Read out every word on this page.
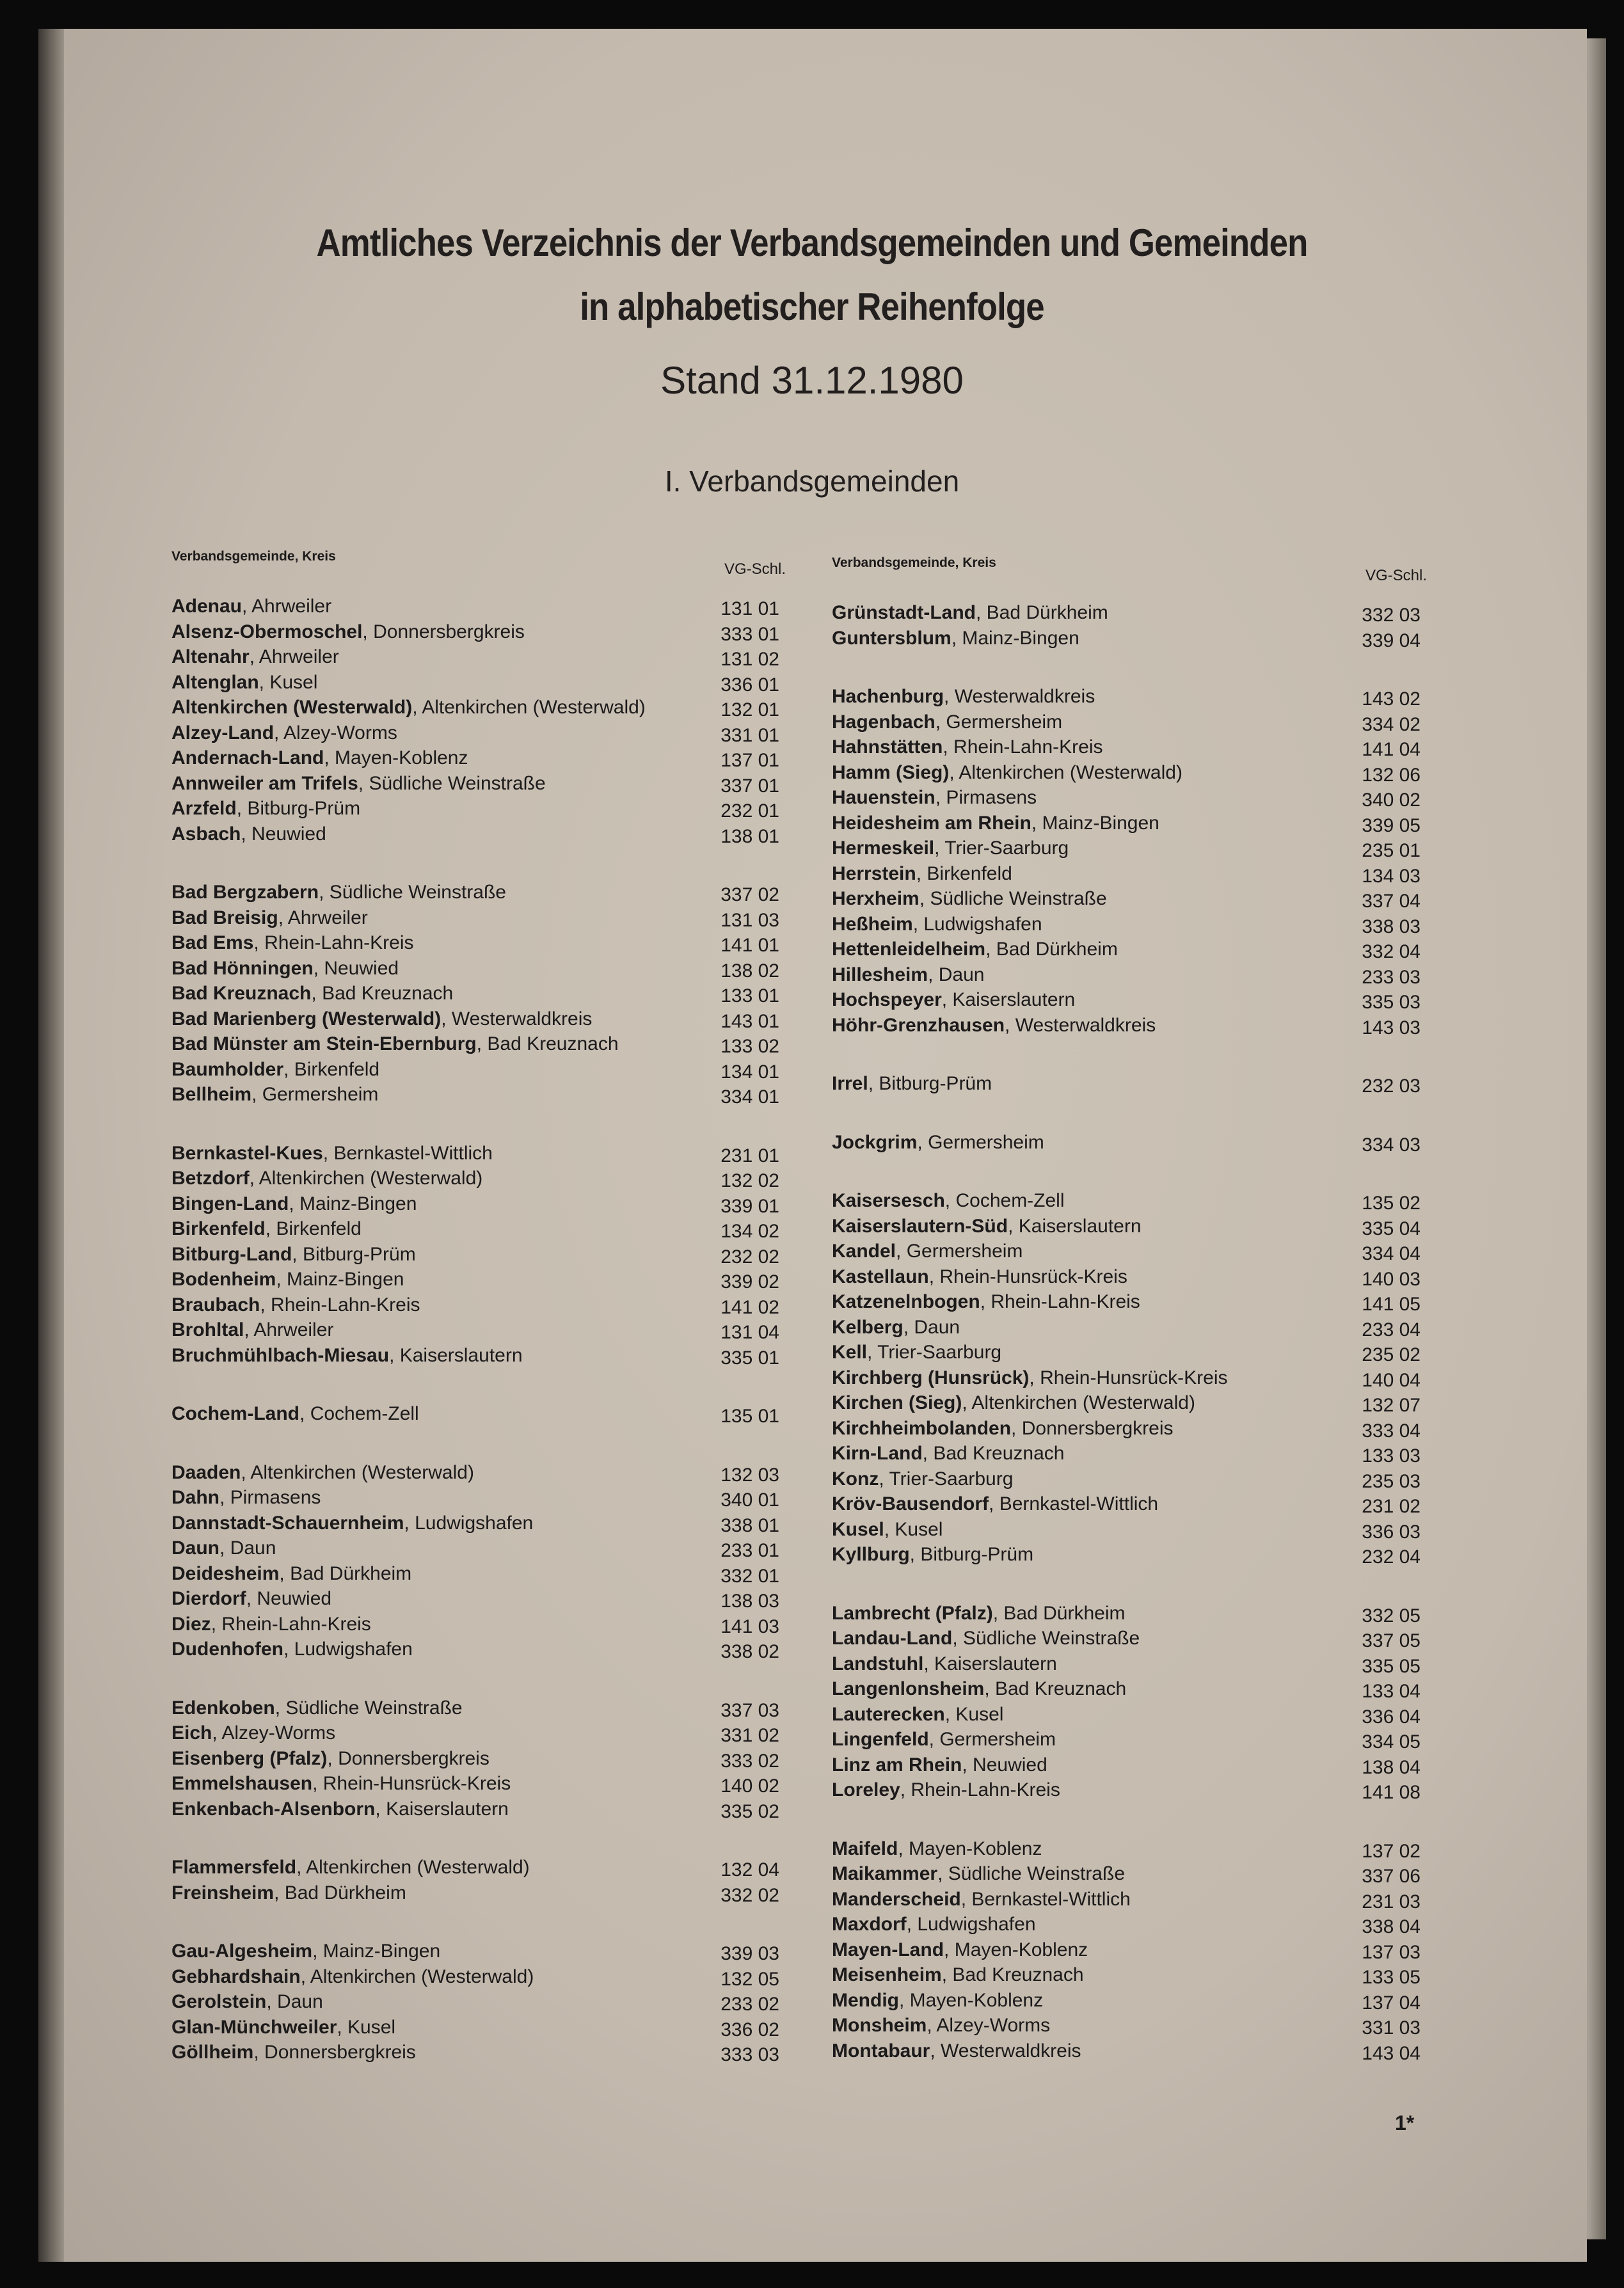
Amtliches Verzeichnis der Verbandsgemeinden und Gemeinden
in alphabetischer Reihenfolge
Stand 31.12.1980
I. Verbandsgemeinden
Verbandsgemeinde, Kreis
VG-Schl.
Adenau, Ahrweiler	131 01
Alsenz-Obermoschel, Donnersbergkreis	333 01
Altenahr, Ahrweiler	131 02
Altenglan, Kusel	336 01
Altenkirchen (Westerwald), Altenkirchen (Westerwald)	132 01
Alzey-Land, Alzey-Worms	331 01
Andernach-Land, Mayen-Koblenz	137 01
Annweiler am Trifels, Südliche Weinstraße	337 01
Arzfeld, Bitburg-Prüm	232 01
Asbach, Neuwied	138 01
Bad Bergzabern, Südliche Weinstraße	337 02
Bad Breisig, Ahrweiler	131 03
Bad Ems, Rhein-Lahn-Kreis	141 01
Bad Hönningen, Neuwied	138 02
Bad Kreuznach, Bad Kreuznach	133 01
Bad Marienberg (Westerwald), Westerwaldkreis	143 01
Bad Münster am Stein-Ebernburg, Bad Kreuznach	133 02
Baumholder, Birkenfeld	134 01
Bellheim, Germersheim	334 01
Bernkastel-Kues, Bernkastel-Wittlich	231 01
Betzdorf, Altenkirchen (Westerwald)	132 02
Bingen-Land, Mainz-Bingen	339 01
Birkenfeld, Birkenfeld	134 02
Bitburg-Land, Bitburg-Prüm	232 02
Bodenheim, Mainz-Bingen	339 02
Braubach, Rhein-Lahn-Kreis	141 02
Brohltal, Ahrweiler	131 04
Bruchmühlbach-Miesau, Kaiserslautern	335 01
Cochem-Land, Cochem-Zell	135 01
Daaden, Altenkirchen (Westerwald)	132 03
Dahn, Pirmasens	340 01
Dannstadt-Schauernheim, Ludwigshafen	338 01
Daun, Daun	233 01
Deidesheim, Bad Dürkheim	332 01
Dierdorf, Neuwied	138 03
Diez, Rhein-Lahn-Kreis	141 03
Dudenhofen, Ludwigshafen	338 02
Edenkoben, Südliche Weinstraße	337 03
Eich, Alzey-Worms	331 02
Eisenberg (Pfalz), Donnersbergkreis	333 02
Emmelshausen, Rhein-Hunsrück-Kreis	140 02
Enkenbach-Alsenborn, Kaiserslautern	335 02
Flammersfeld, Altenkirchen (Westerwald)	132 04
Freinsheim, Bad Dürkheim	332 02
Gau-Algesheim, Mainz-Bingen	339 03
Gebhardshain, Altenkirchen (Westerwald)	132 05
Gerolstein, Daun	233 02
Glan-Münchweiler, Kusel	336 02
Göllheim, Donnersbergkreis	333 03
Verbandsgemeinde, Kreis
VG-Schl.
Grünstadt-Land, Bad Dürkheim	332 03
Guntersblum, Mainz-Bingen	339 04
Hachenburg, Westerwaldkreis	143 02
Hagenbach, Germersheim	334 02
Hahnstätten, Rhein-Lahn-Kreis	141 04
Hamm (Sieg), Altenkirchen (Westerwald)	132 06
Hauenstein, Pirmasens	340 02
Heidesheim am Rhein, Mainz-Bingen	339 05
Hermeskeil, Trier-Saarburg	235 01
Herrstein, Birkenfeld	134 03
Herxheim, Südliche Weinstraße	337 04
Heßheim, Ludwigshafen	338 03
Hettenleidelheim, Bad Dürkheim	332 04
Hillesheim, Daun	233 03
Hochspeyer, Kaiserslautern	335 03
Höhr-Grenzhausen, Westerwaldkreis	143 03
Irrel, Bitburg-Prüm	232 03
Jockgrim, Germersheim	334 03
Kaisersesch, Cochem-Zell	135 02
Kaiserslautern-Süd, Kaiserslautern	335 04
Kandel, Germersheim	334 04
Kastellaun, Rhein-Hunsrück-Kreis	140 03
Katzenelnbogen, Rhein-Lahn-Kreis	141 05
Kelberg, Daun	233 04
Kell, Trier-Saarburg	235 02
Kirchberg (Hunsrück), Rhein-Hunsrück-Kreis	140 04
Kirchen (Sieg), Altenkirchen (Westerwald)	132 07
Kirchheimbolanden, Donnersbergkreis	333 04
Kirn-Land, Bad Kreuznach	133 03
Konz, Trier-Saarburg	235 03
Kröv-Bausendorf, Bernkastel-Wittlich	231 02
Kusel, Kusel	336 03
Kyllburg, Bitburg-Prüm	232 04
Lambrecht (Pfalz), Bad Dürkheim	332 05
Landau-Land, Südliche Weinstraße	337 05
Landstuhl, Kaiserslautern	335 05
Langenlonsheim, Bad Kreuznach	133 04
Lauterecken, Kusel	336 04
Lingenfeld, Germersheim	334 05
Linz am Rhein, Neuwied	138 04
Loreley, Rhein-Lahn-Kreis	141 08
Maifeld, Mayen-Koblenz	137 02
Maikammer, Südliche Weinstraße	337 06
Manderscheid, Bernkastel-Wittlich	231 03
Maxdorf, Ludwigshafen	338 04
Mayen-Land, Mayen-Koblenz	137 03
Meisenheim, Bad Kreuznach	133 05
Mendig, Mayen-Koblenz	137 04
Monsheim, Alzey-Worms	331 03
Montabaur, Westerwaldkreis	143 04
1*
